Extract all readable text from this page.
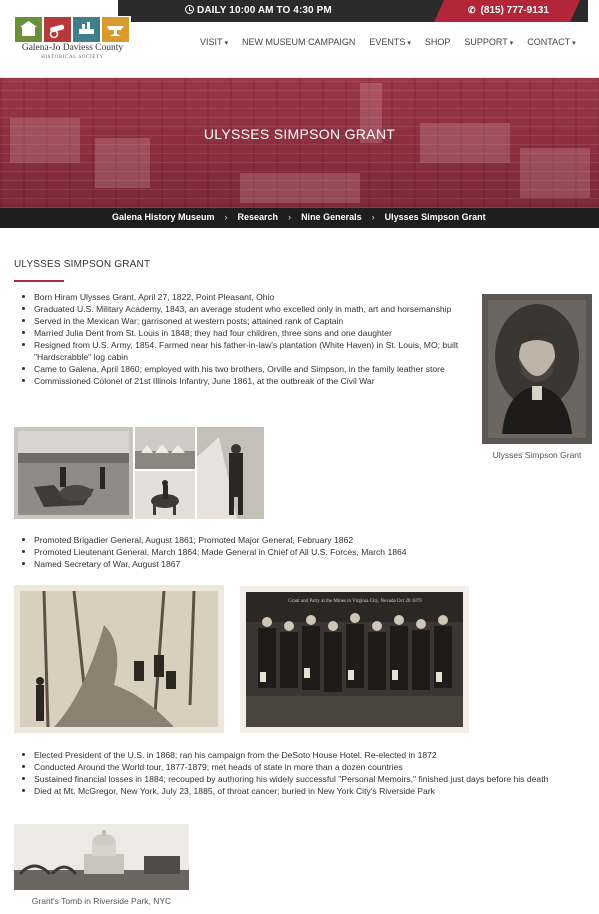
DAILY 10:00 AM TO 4:30 PM	✆ (815) 777-9131
Galena-Jo Daviess County
HISTORICAL SOCIETY
VISIT ▾ NEW MUSEUM CAMPAIGN EVENTS ▾ SHOP SUPPORT ▾ CONTACT ▾
ULYSSES SIMPSON GRANT
Galena History Museum › Research › Nine Generals › Ulysses Simpson Grant
ULYSSES SIMPSON GRANT
Born Hiram Ulysses Grant, April 27, 1822, Point Pleasant, Ohio
Graduated U.S. Military Academy, 1843, an average student who excelled only in math, art and horsemanship
Served in the Mexican War; garrisoned at western posts; attained rank of Captain
Married Julia Dent from St. Louis in 1848; they had four children, three sons and one daughter
Resigned from U.S. Army, 1854. Farmed near his father-in-law's plantation (White Haven) in St. Louis, MO; built "Hardscrabble" log cabin
Came to Galena, April 1860; employed with his two brothers, Orville and Simpson, in the family leather store
Commissioned Colonel of 21st Illinois Infantry, June 1861, at the outbreak of the Civil War
Ulysses Simpson Grant
Promoted Brigadier General, August 1861; Promoted Major General, February 1862
Promoted Lieutenant General, March 1864; Made General in Chief of All U.S. Forces, March 1864
Named Secretary of War, August 1867
Grant and Party at the Mines in Virginia City, Nevada Oct 28 1879
Elected President of the U.S. in 1868; ran his campaign from the DeSoto House Hotel. Re-elected in 1872
Conducted Around the World tour, 1877-1879; met heads of state in more than a dozen countries
Sustained financial losses in 1884; recouped by authoring his widely successful "Personal Memoirs," finished just days before his death
Died at Mt. McGregor, New York, July 23, 1885, of throat cancer; buried in New York City's Riverside Park
Grant's Tomb in Riverside Park, NYC
